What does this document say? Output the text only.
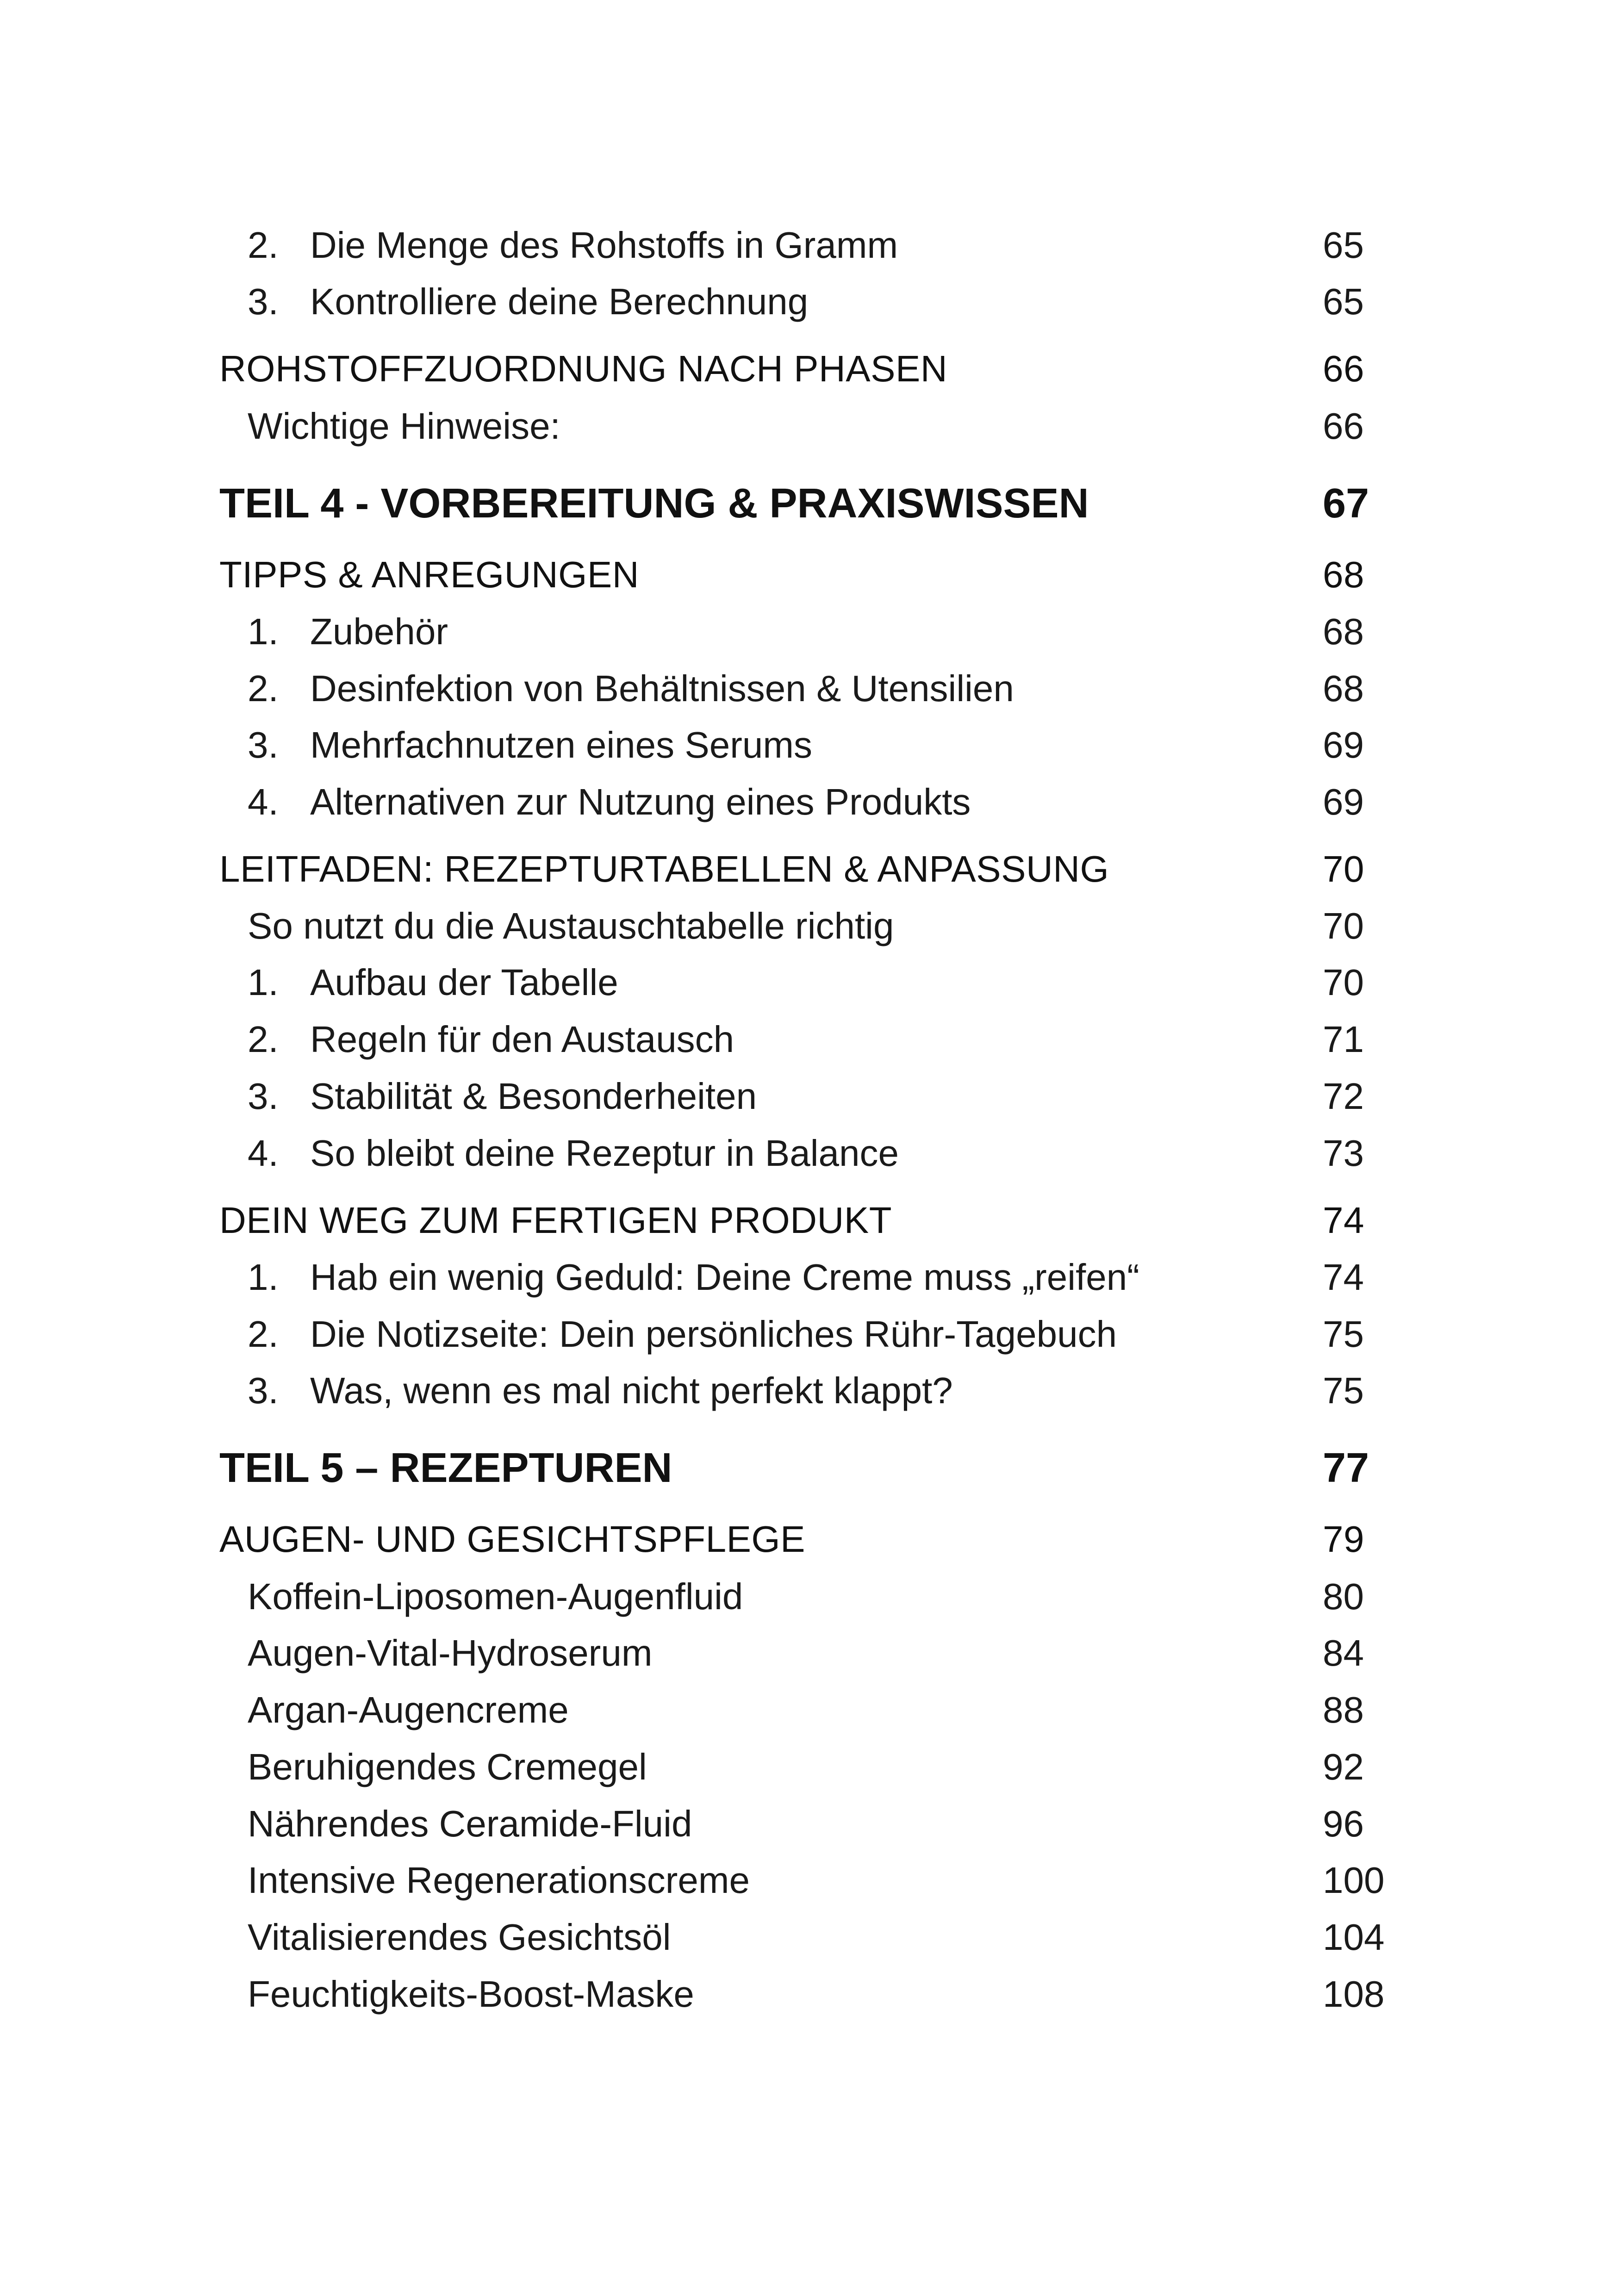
2. Die Menge des Rohstoffs in Gramm	65
3. Kontrolliere deine Berechnung	65
ROHSTOFFZUORDNUNG NACH PHASEN	66
Wichtige Hinweise:	66
TEIL 4 - VORBEREITUNG & PRAXISWISSEN	67
TIPPS & ANREGUNGEN	68
1. Zubehör	68
2. Desinfektion von Behältnissen & Utensilien	68
3. Mehrfachnutzen eines Serums	69
4. Alternativen zur Nutzung eines Produkts	69
LEITFADEN: REZEPTURTABELLEN & ANPASSUNG	70
So nutzt du die Austauschtabelle richtig	70
1. Aufbau der Tabelle	70
2. Regeln für den Austausch	71
3. Stabilität & Besonderheiten	72
4. So bleibt deine Rezeptur in Balance	73
DEIN WEG ZUM FERTIGEN PRODUKT	74
1. Hab ein wenig Geduld: Deine Creme muss „reifen“	74
2. Die Notizseite: Dein persönliches Rühr-Tagebuch	75
3. Was, wenn es mal nicht perfekt klappt?	75
TEIL 5 – REZEPTUREN	77
AUGEN- UND GESICHTSPFLEGE	79
Koffein-Liposomen-Augenfluid	80
Augen-Vital-Hydroserum	84
Argan-Augencreme	88
Beruhigendes Cremegel	92
Nährendes Ceramide-Fluid	96
Intensive Regenerationscreme	100
Vitalisierendes Gesichtsöl	104
Feuchtigkeits-Boost-Maske	108
